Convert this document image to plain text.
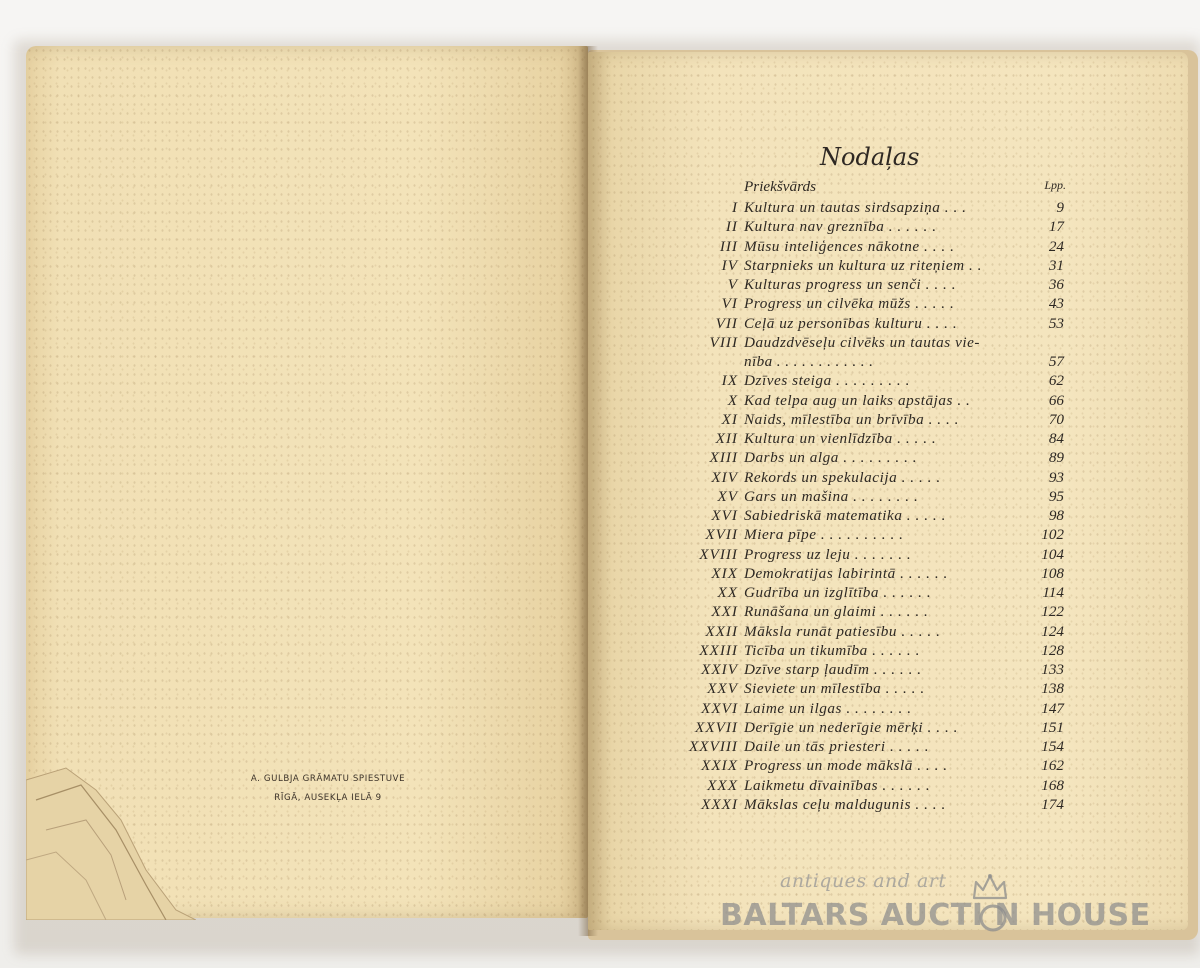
A. GULBJA GRĀMATU SPIESTUVE
RĪGĀ, AUSEKĻA IELĀ 9
Nodaļas
Priekšvārds	Lpp.
I Kultura un tautas sirdsapziņa . . .	9
II Kultura nav greznība . . . . . .	17
III Mūsu inteliģences nākotne . . . .	24
IV Starpnieks un kultura uz riteņiem . .	31
V Kulturas progress un senči . . . .	36
VI Progress un cilvēka mūžs . . . . .	43
VII Ceļā uz personības kulturu . . . .	53
VIII Daudzdvēseļu cilvēks un tautas vie-
nība . . . . . . . . . . . .	57
IX Dzīves steiga . . . . . . . . .	62
X Kad telpa aug un laiks apstājas . .	66
XI Naids, mīlestība un brīvība . . . .	70
XII Kultura un vienlīdzība . . . . .	84
XIII Darbs un alga . . . . . . . . .	89
XIV Rekords un spekulacija . . . . .	93
XV Gars un mašina . . . . . . . .	95
XVI Sabiedriskā matematika . . . . .	98
XVII Miera pīpe . . . . . . . . . .	102
XVIII Progress uz leju . . . . . . .	104
XIX Demokratijas labirintā . . . . . .	108
XX Gudrība un izglītība . . . . . .	114
XXI Runāšana un glaimi . . . . . .	122
XXII Māksla runāt patiesību . . . . .	124
XXIII Ticība un tikumība . . . . . .	128
XXIV Dzīve starp ļaudīm . . . . . .	133
XXV Sieviete un mīlestība . . . . .	138
XXVI Laime un ilgas . . . . . . . .	147
XXVII Derīgie un nederīgie mērķi . . . .	151
XXVIII Daile un tās priesteri . . . . .	154
XXIX Progress un mode mākslā . . . .	162
XXX Laikmetu dīvainības . . . . . .	168
XXXI Mākslas ceļu maldugunis . . . .	174
antiques and art
BALTARS AUCTI N HOUSE
